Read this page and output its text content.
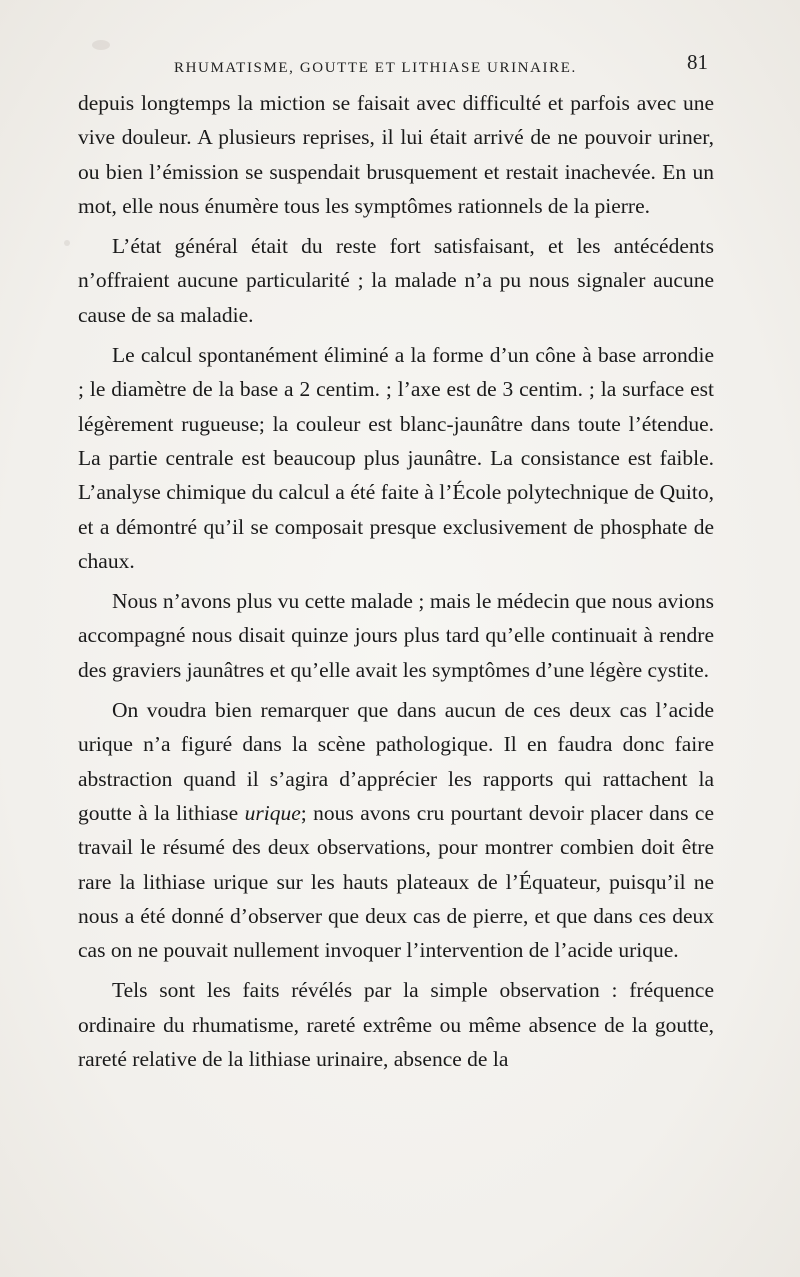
RHUMATISME, GOUTTE ET LITHIASE URINAIRE.	81

depuis longtemps la miction se faisait avec difficulté et parfois avec une vive douleur. A plusieurs reprises, il lui était arrivé de ne pouvoir uriner, ou bien l’émission se suspendait brusquement et restait inachevée. En un mot, elle nous énumère tous les symptômes rationnels de la pierre.

L’état général était du reste fort satisfaisant, et les antécédents n’offraient aucune particularité ; la malade n’a pu nous signaler aucune cause de sa maladie.

Le calcul spontanément éliminé a la forme d’un cône à base arrondie ; le diamètre de la base a 2 centim. ; l’axe est de 3 centim. ; la surface est légèrement rugueuse; la couleur est blanc-jaunâtre dans toute l’étendue. La partie centrale est beaucoup plus jaunâtre. La consistance est faible. L’analyse chimique du calcul a été faite à l’École polytechnique de Quito, et a démontré qu’il se composait presque exclusivement de phosphate de chaux.

Nous n’avons plus vu cette malade ; mais le médecin que nous avions accompagné nous disait quinze jours plus tard qu’elle continuait à rendre des graviers jaunâtres et qu’elle avait les symptômes d’une légère cystite.

On voudra bien remarquer que dans aucun de ces deux cas l’acide urique n’a figuré dans la scène pathologique. Il en faudra donc faire abstraction quand il s’agira d’apprécier les rapports qui rattachent la goutte à la lithiase urique; nous avons cru pourtant devoir placer dans ce travail le résumé des deux observations, pour montrer combien doit être rare la lithiase urique sur les hauts plateaux de l’Équateur, puisqu’il ne nous a été donné d’observer que deux cas de pierre, et que dans ces deux cas on ne pouvait nullement invoquer l’intervention de l’acide urique.

Tels sont les faits révélés par la simple observation : fréquence ordinaire du rhumatisme, rareté extrême ou même absence de la goutte, rareté relative de la lithiase urinaire, absence de la
